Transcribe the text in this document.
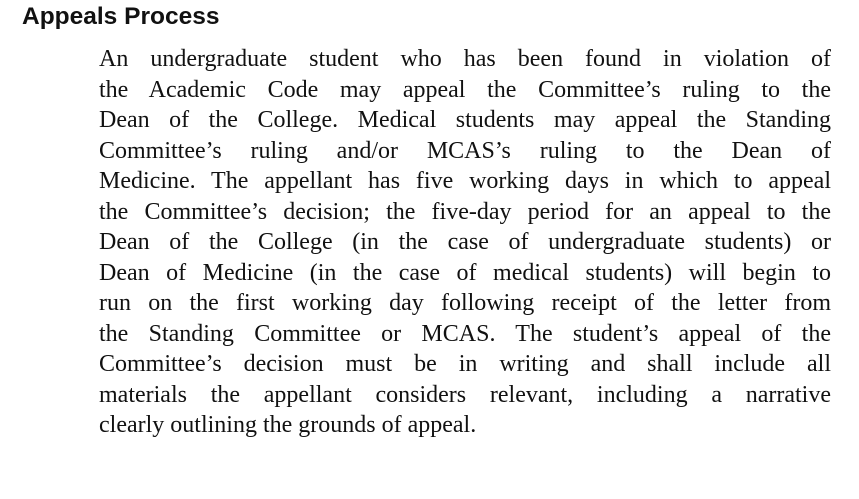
Appeals Process
An undergraduate student who has been found in violation of
the Academic Code may appeal the Committee’s ruling to the
Dean of the College. Medical students may appeal the Standing
Committee’s ruling and/or MCAS’s ruling to the Dean of
Medicine. The appellant has five working days in which to appeal
the Committee’s decision; the five-day period for an appeal to the
Dean of the College (in the case of undergraduate students) or
Dean of Medicine (in the case of medical students) will begin to
run on the first working day following receipt of the letter from
the Standing Committee or MCAS. The student’s appeal of the
Committee’s decision must be in writing and shall include all
materials the appellant considers relevant, including a narrative
clearly outlining the grounds of appeal.
